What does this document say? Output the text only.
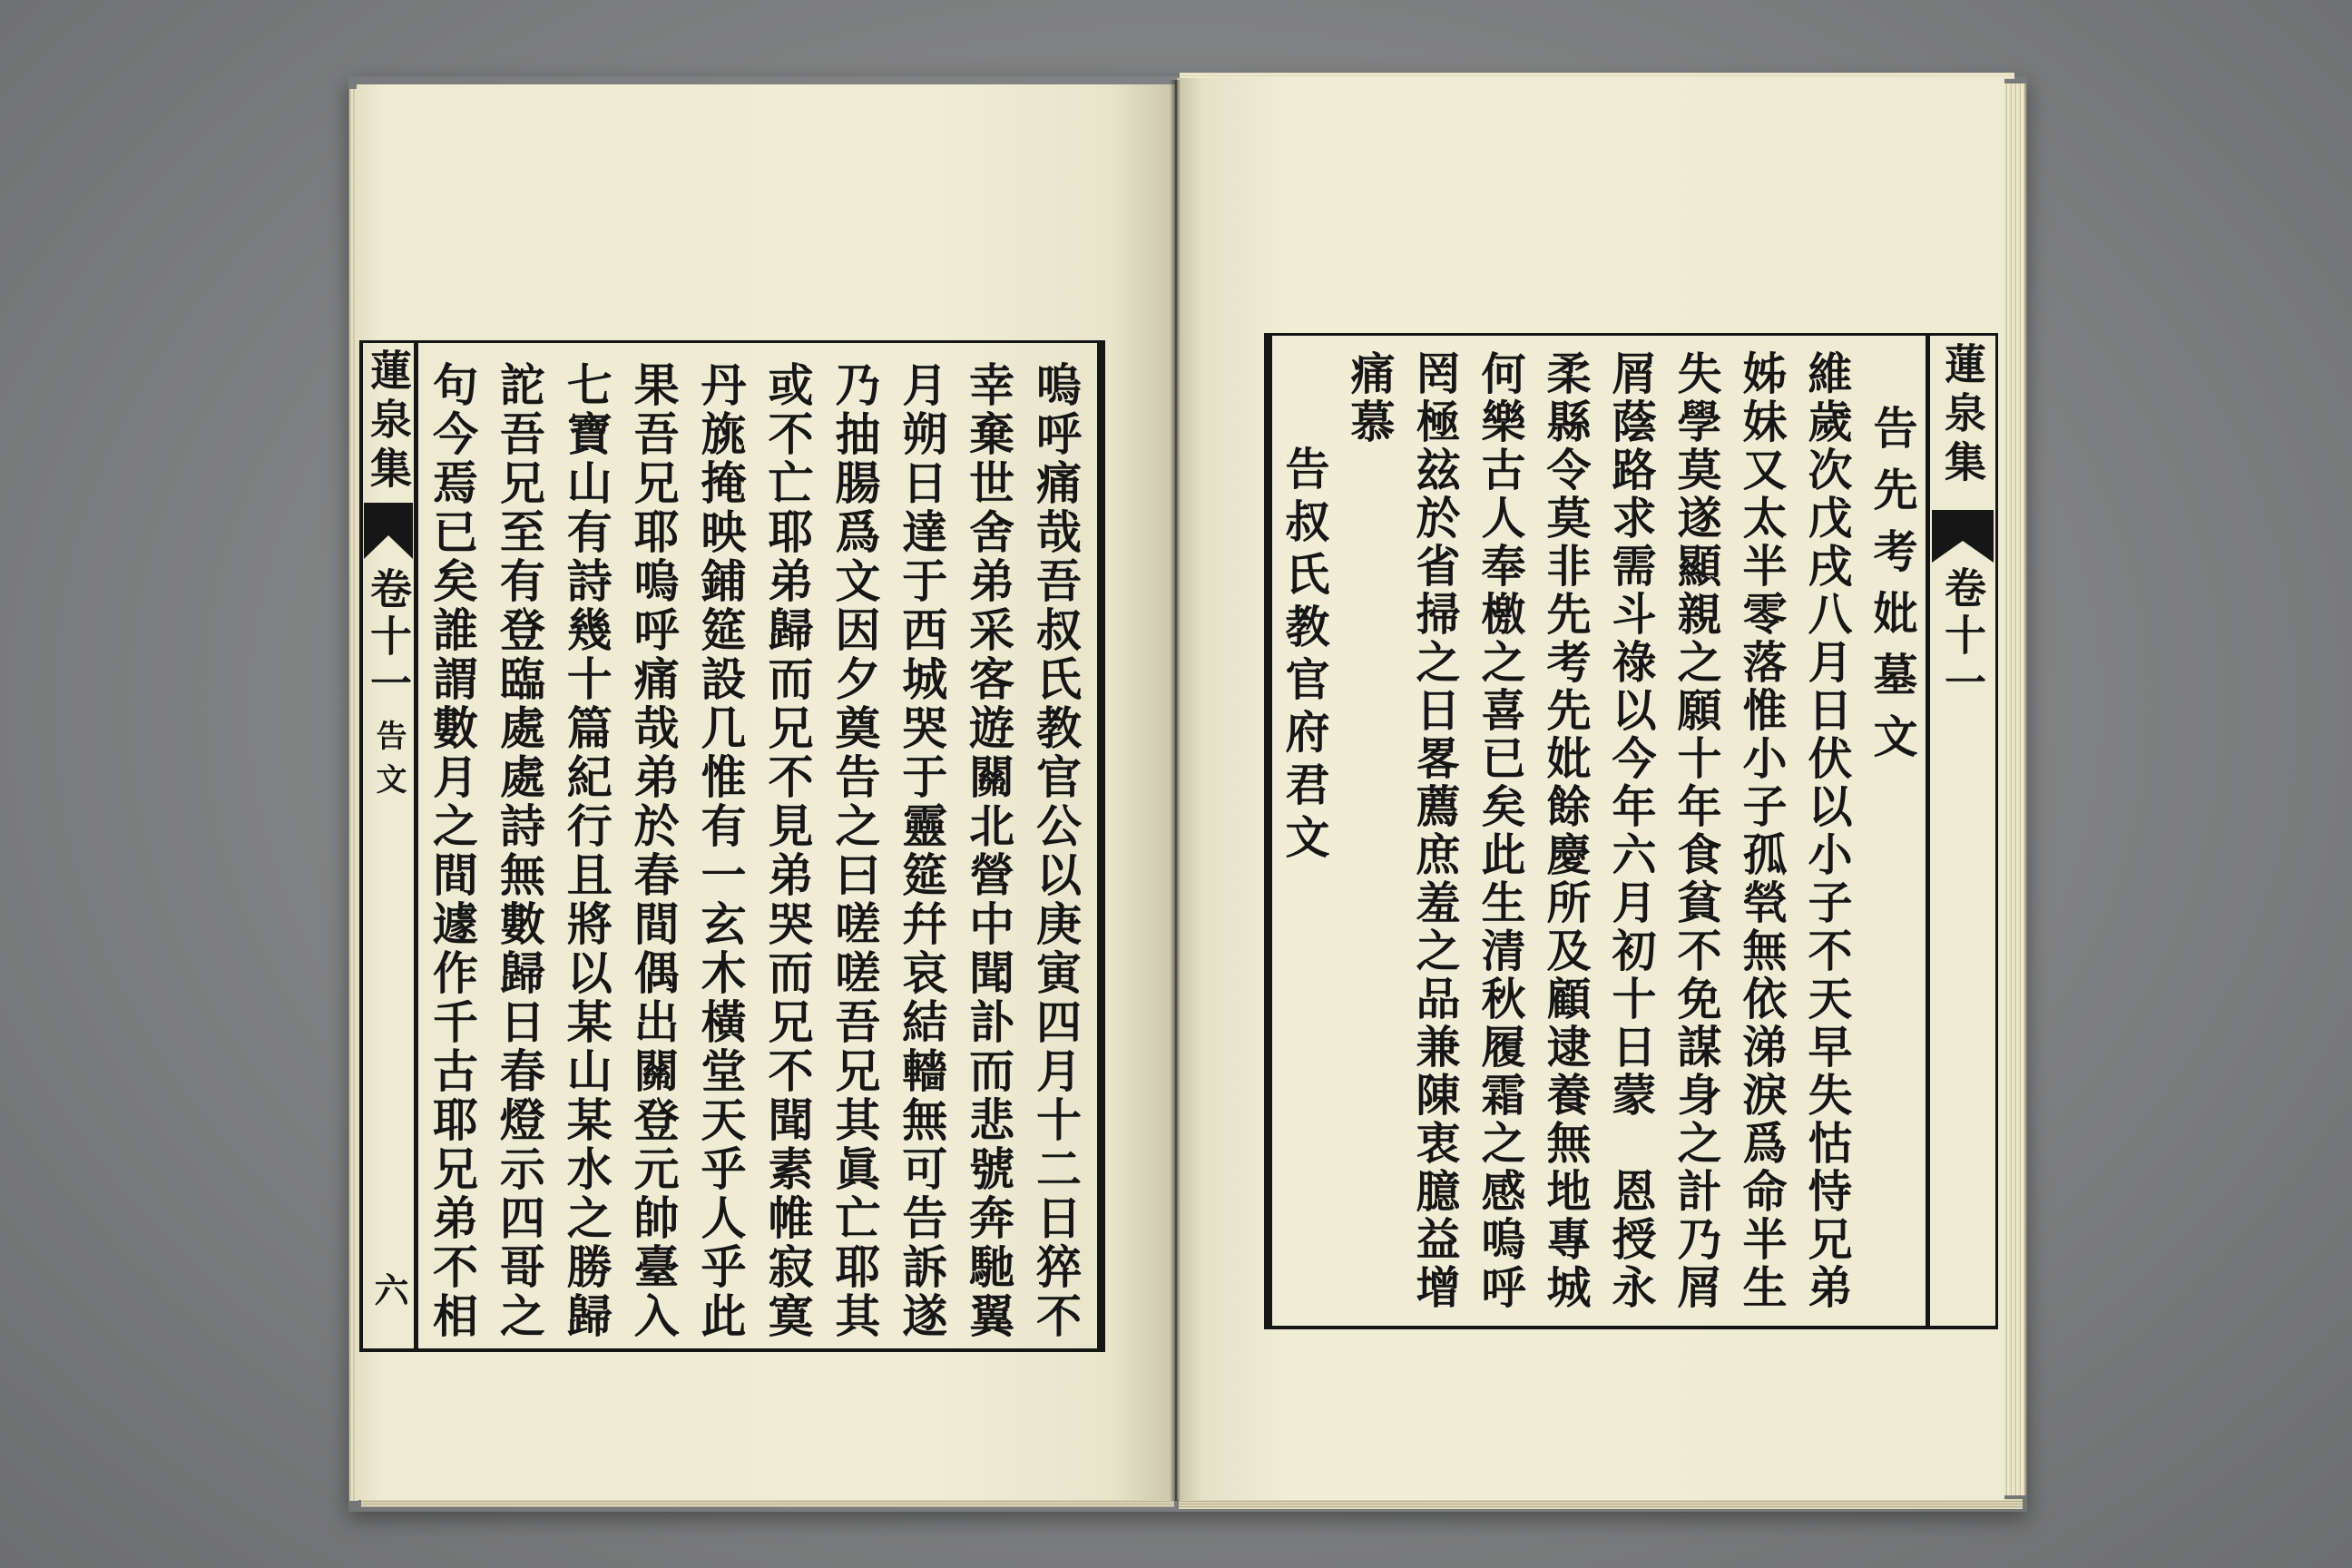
告先考妣墓文
維歲次戊戌八月日伏以小子不天早失怙恃兄弟
姊妹又太半零落惟小子孤煢無依涕淚爲命半生
失學莫遂顯親之願十年食貧不免謀身之計乃屑
屑蔭路求需斗祿以今年六月初十日蒙　恩授永
柔縣令莫非先考先妣餘慶所及顧逮養無地專城
何樂古人奉檄之喜已矣此生清秋履霜之感嗚呼
罔極玆於省掃之日畧薦庶羞之品兼陳衷臆益增
痛慕
告叔氏教官府君文
蓮泉集
卷十一
蓮泉集
卷十一
告文
六	嗚呼痛哉吾叔氏教官公以庚寅四月十二日猝不
幸棄世舍弟采客遊關北營中聞訃而悲號奔馳翼
月朔日達于西城哭于靈筵幷哀結轖無可告訴遂
乃抽腸爲文因夕奠告之曰嗟嗟吾兄其眞亡耶其
或不亡耶弟歸而兄不見弟哭而兄不聞素帷寂寞
丹旐掩映鋪筵設几惟有一玄木橫堂天乎人乎此
果吾兄耶嗚呼痛哉弟於春間偶出關登元帥臺入
七寶山有詩幾十篇紀行且將以某山某水之勝歸
詑吾兄至有登臨處處詩無數歸日春燈示四哥之
句今焉已矣誰謂數月之間遽作千古耶兄弟不相
